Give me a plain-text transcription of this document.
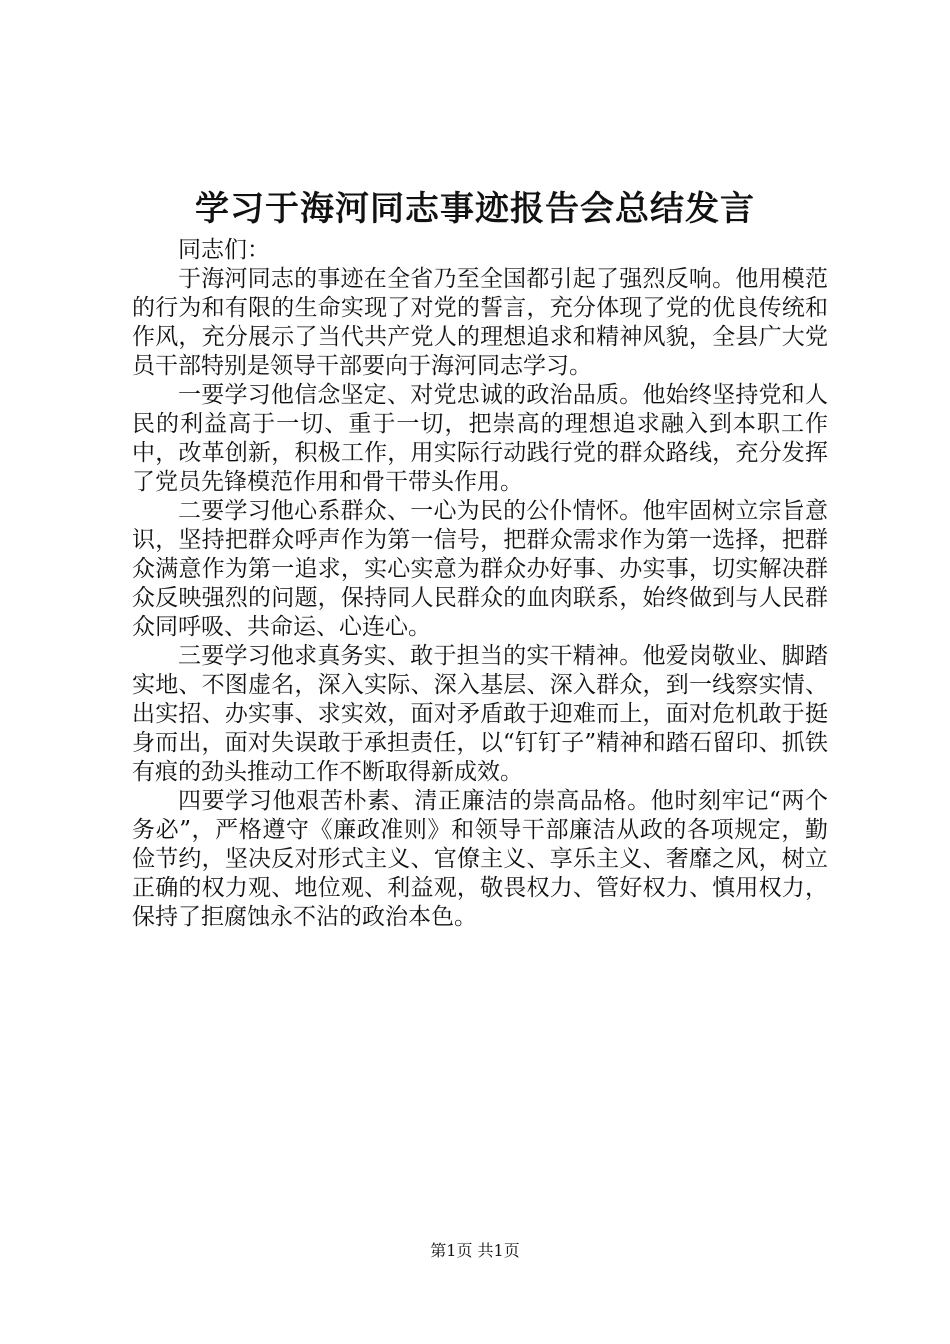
学习于海河同志事迹报告会总结发言

同志们：

于海河同志的事迹在全省乃至全国都引起了强烈反响。他用模范的行为和有限的生命实现了对党的誓言，充分体现了党的优良传统和作风，充分展示了当代共产党人的理想追求和精神风貌，全县广大党员干部特别是领导干部要向于海河同志学习。

一要学习他信念坚定、对党忠诚的政治品质。他始终坚持党和人民的利益高于一切、重于一切，把崇高的理想追求融入到本职工作中，改革创新，积极工作，用实际行动践行党的群众路线，充分发挥了党员先锋模范作用和骨干带头作用。

二要学习他心系群众、一心为民的公仆情怀。他牢固树立宗旨意识，坚持把群众呼声作为第一信号，把群众需求作为第一选择，把群众满意作为第一追求，实心实意为群众办好事、办实事，切实解决群众反映强烈的问题，保持同人民群众的血肉联系，始终做到与人民群众同呼吸、共命运、心连心。

三要学习他求真务实、敢于担当的实干精神。他爱岗敬业、脚踏实地、不图虚名，深入实际、深入基层、深入群众，到一线察实情、出实招、办实事、求实效，面对矛盾敢于迎难而上，面对危机敢于挺身而出，面对失误敢于承担责任，以“钉钉子”精神和踏石留印、抓铁有痕的劲头推动工作不断取得新成效。

四要学习他艰苦朴素、清正廉洁的崇高品格。他时刻牢记“两个务必”，严格遵守《廉政准则》和领导干部廉洁从政的各项规定，勤俭节约，坚决反对形式主义、官僚主义、享乐主义、奢靡之风，树立正确的权力观、地位观、利益观，敬畏权力、管好权力、慎用权力，保持了拒腐蚀永不沾的政治本色。

第1页 共1页
